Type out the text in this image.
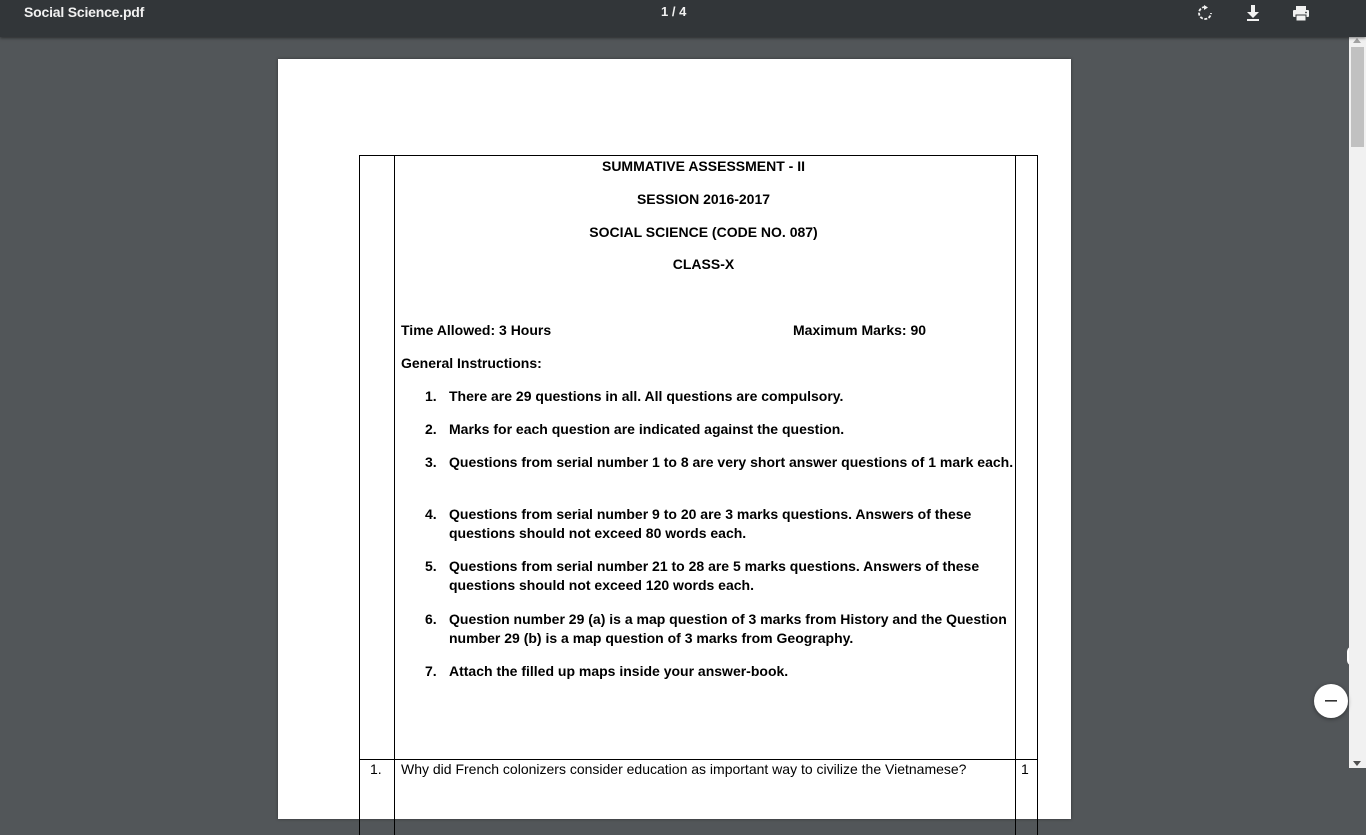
Social Science.pdf	1 / 4
SUMMATIVE ASSESSMENT - II
SESSION 2016-2017
SOCIAL SCIENCE (CODE NO. 087)
CLASS-X
Time Allowed: 3 Hours	Maximum Marks: 90
General Instructions:
1. There are 29 questions in all. All questions are compulsory.
2. Marks for each question are indicated against the question.
3. Questions from serial number 1 to 8 are very short answer questions of 1 mark each.
4. Questions from serial number 9 to 20 are 3 marks questions. Answers of these questions should not exceed 80 words each.
5. Questions from serial number 21 to 28 are 5 marks questions. Answers of these questions should not exceed 120 words each.
6. Question number 29 (a) is a map question of 3 marks from History and the Question number 29 (b) is a map question of 3 marks from Geography.
7. Attach the filled up maps inside your answer-book.
1. Why did French colonizers consider education as important way to civilize the Vietnamese?	1
